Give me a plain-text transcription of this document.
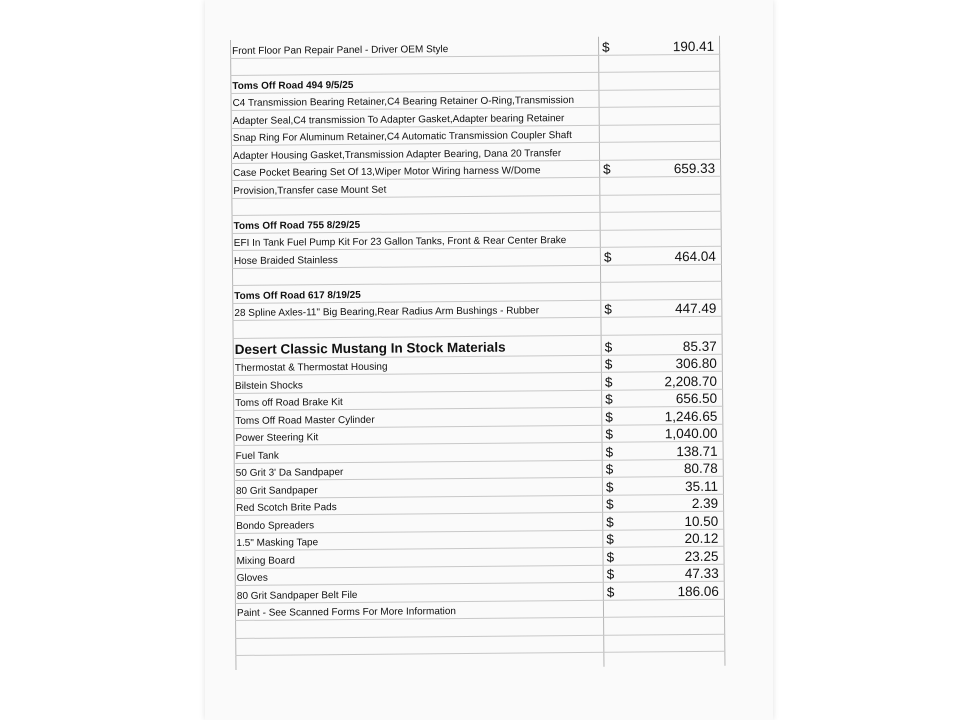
Front Floor Pan Repair Panel - Driver OEM Style	$	190.41
Toms Off Road 494 9/5/25
C4 Transmission Bearing Retainer,C4 Bearing Retainer O-Ring,Transmission
Adapter Seal,C4 transmission To Adapter Gasket,Adapter bearing Retainer
Snap Ring For Aluminum Retainer,C4 Automatic Transmission Coupler Shaft
Adapter Housing Gasket,Transmission Adapter Bearing, Dana 20 Transfer
Case Pocket Bearing Set Of 13,Wiper Motor Wiring harness W/Dome	$	659.33
Provision,Transfer case Mount Set
Toms Off Road 755 8/29/25
EFI In Tank Fuel Pump Kit For 23 Gallon Tanks, Front & Rear Center Brake
Hose Braided Stainless	$	464.04
Toms Off Road 617 8/19/25
28 Spline Axles-11" Big Bearing,Rear Radius Arm Bushings - Rubber	$	447.49
Desert Classic Mustang In Stock Materials	$	85.37
Thermostat & Thermostat Housing	$	306.80
Bilstein Shocks	$	2,208.70
Toms off Road Brake Kit	$	656.50
Toms Off Road Master Cylinder	$	1,246.65
Power Steering Kit	$	1,040.00
Fuel Tank	$	138.71
50 Grit 3' Da Sandpaper	$	80.78
80 Grit Sandpaper	$	35.11
Red Scotch Brite Pads	$	2.39
Bondo Spreaders	$	10.50
1.5" Masking Tape	$	20.12
Mixing Board	$	23.25
Gloves	$	47.33
80 Grit Sandpaper Belt File	$	186.06
Paint - See Scanned Forms For More Information
